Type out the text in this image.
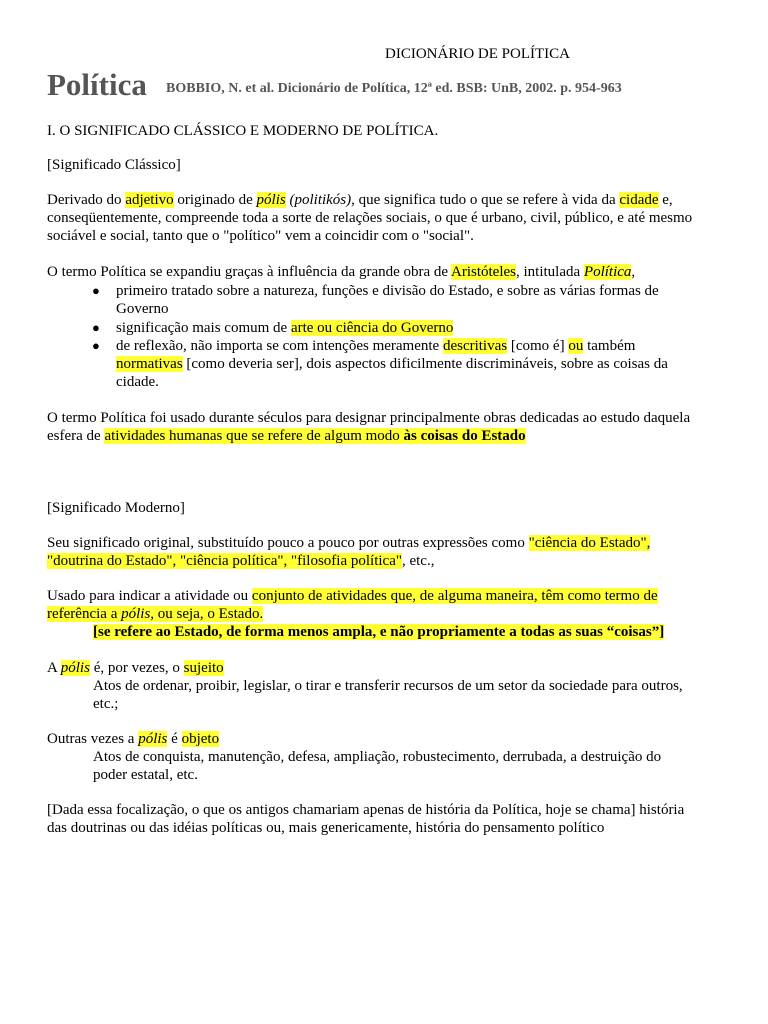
DICIONÁRIO DE POLÍTICA
Política BOBBIO, N. et al. Dicionário de Política, 12ª ed. BSB: UnB, 2002. p. 954-963

I. O SIGNIFICADO CLÁSSICO E MODERNO DE POLÍTICA.

[Significado Clássico]

Derivado do adjetivo originado de pólis (politikós), que significa tudo o que se refere à vida da cidade e,

conseqüentemente, compreende toda a sorte de relações sociais, o que é urbano, civil, público, e até mesmo

sociável e social, tanto que o "político" vem a coincidir com o "social".

O termo Política se expandiu graças à influência da grande obra de Aristóteles, intitulada Política,

● primeiro tratado sobre a natureza, funções e divisão do Estado, e sobre as várias formas de

Governo

● significação mais comum de arte ou ciência do Governo

● de reflexão, não importa se com intenções meramente descritivas [como é] ou também

normativas [como deveria ser], dois aspectos dificilmente discrimináveis, sobre as coisas da

cidade.

O termo Política foi usado durante séculos para designar principalmente obras dedicadas ao estudo daquela

esfera de atividades humanas que se refere de algum modo às coisas do Estado

[Significado Moderno]

Seu significado original, substituído pouco a pouco por outras expressões como "ciência do Estado",

"doutrina do Estado", "ciência política", "filosofia política", etc.,

Usado para indicar a atividade ou conjunto de atividades que, de alguma maneira, têm como termo de

referência a pólis, ou seja, o Estado.

[se refere ao Estado, de forma menos ampla, e não propriamente a todas as suas “coisas”]

A pólis é, por vezes, o sujeito

Atos de ordenar, proibir, legislar, o tirar e transferir recursos de um setor da sociedade para outros,

etc.;

Outras vezes a pólis é objeto

Atos de conquista, manutenção, defesa, ampliação, robustecimento, derrubada, a destruição do

poder estatal, etc.

[Dada essa focalização, o que os antigos chamariam apenas de história da Política, hoje se chama] história

das doutrinas ou das idéias políticas ou, mais genericamente, história do pensamento político
